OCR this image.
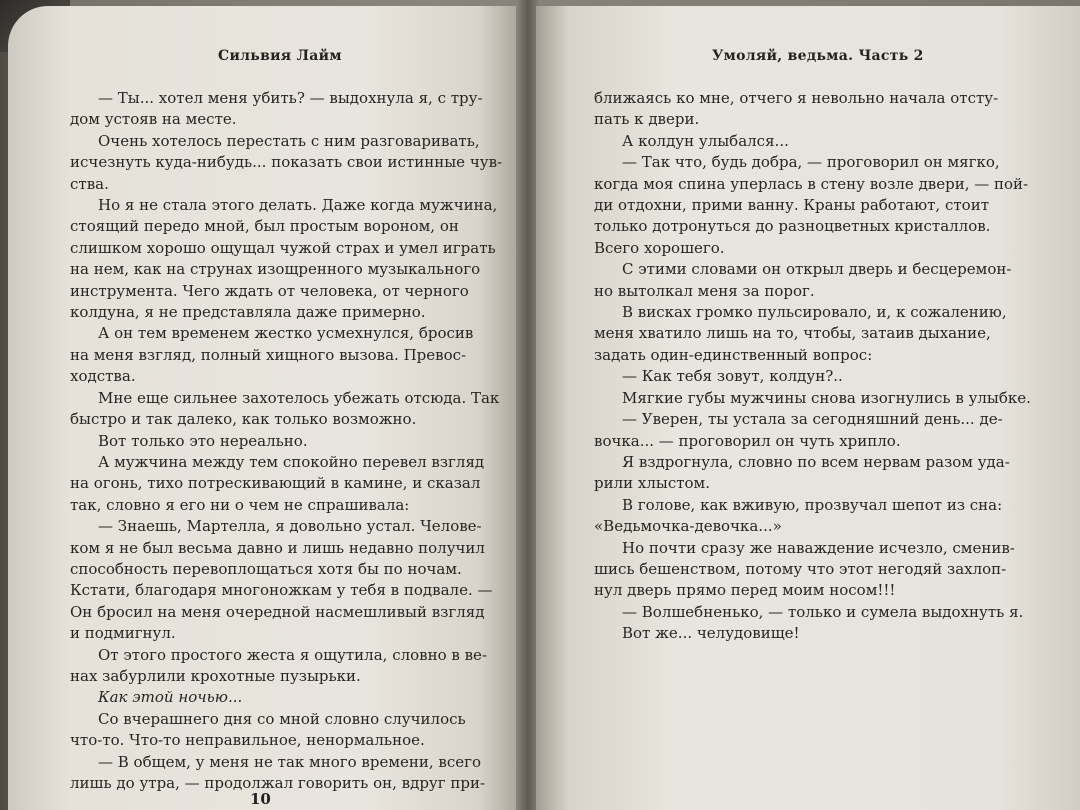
Сильвия Лайм
— Ты... хотел меня убить? — выдохнула я, с тру-
дом устояв на месте.
Очень хотелось перестать с ним разговаривать,
исчезнуть куда-нибудь... показать свои истинные чув-
ства.
Но я не стала этого делать. Даже когда мужчина,
стоящий передо мной, был простым вороном, он
слишком хорошо ощущал чужой страх и умел играть
на нем, как на струнах изощренного музыкального
инструмента. Чего ждать от человека, от черного
колдуна, я не представляла даже примерно.
А он тем временем жестко усмехнулся, бросив
на меня взгляд, полный хищного вызова. Превос-
ходства.
Мне еще сильнее захотелось убежать отсюда. Так
быстро и так далеко, как только возможно.
Вот только это нереально.
А мужчина между тем спокойно перевел взгляд
на огонь, тихо потрескивающий в камине, и сказал
так, словно я его ни о чем не спрашивала:
— Знаешь, Мартелла, я довольно устал. Челове-
ком я не был весьма давно и лишь недавно получил
способность перевоплощаться хотя бы по ночам.
Кстати, благодаря многоножкам у тебя в подвале. —
Он бросил на меня очередной насмешливый взгляд
и подмигнул.
От этого простого жеста я ощутила, словно в ве-
нах забурлили крохотные пузырьки.
Как этой ночью...
Со вчерашнего дня со мной словно случилось
что-то. Что-то неправильное, ненормальное.
— В общем, у меня не так много времени, всего
лишь до утра, — продолжал говорить он, вдруг при-
Умоляй, ведьма. Часть 2
ближаясь ко мне, отчего я невольно начала отсту-
пать к двери.
А колдун улыбался...
— Так что, будь добра, — проговорил он мягко,
когда моя спина уперлась в стену возле двери, — пой-
ди отдохни, прими ванну. Краны работают, стоит
только дотронуться до разноцветных кристаллов.
Всего хорошего.
С этими словами он открыл дверь и бесцеремон-
но вытолкал меня за порог.
В висках громко пульсировало, и, к сожалению,
меня хватило лишь на то, чтобы, затаив дыхание,
задать один-единственный вопрос:
— Как тебя зовут, колдун?..
Мягкие губы мужчины снова изогнулись в улыбке.
— Уверен, ты устала за сегодняшний день... де-
вочка... — проговорил он чуть хрипло.
Я вздрогнула, словно по всем нервам разом уда-
рили хлыстом.
В голове, как вживую, прозвучал шепот из сна:
«Ведьмочка-девочка...»
Но почти сразу же наваждение исчезло, сменив-
шись бешенством, потому что этот негодяй захлоп-
нул дверь прямо перед моим носом!!!
— Волшебненько, — только и сумела выдохнуть я.
Вот же... челудовище!
10
